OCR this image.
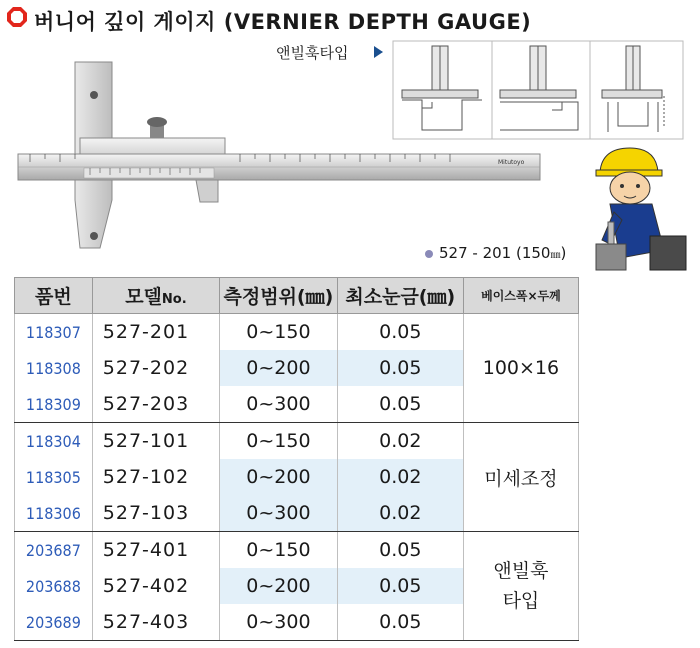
버니어 깊이 게이지 (VERNIER DEPTH GAUGE)
앤빌훅타입
Mitutoyo
527 - 201 (150㎜)
품번	모델No.	측정범위(㎜)	최소눈금(㎜)	베이스폭×두께
118307	527-201	0~150	0.05	100×16
118308	527-202	0~200	0.05	
118309	527-203	0~300	0.05	
118304	527-101	0~150	0.02	미세조정
118305	527-102	0~200	0.02	
118306	527-103	0~300	0.02	
203687	527-401	0~150	0.05	앤빌훅
타입

203688	527-402	0~200	0.05	
203689	527-403	0~300	0.05	
